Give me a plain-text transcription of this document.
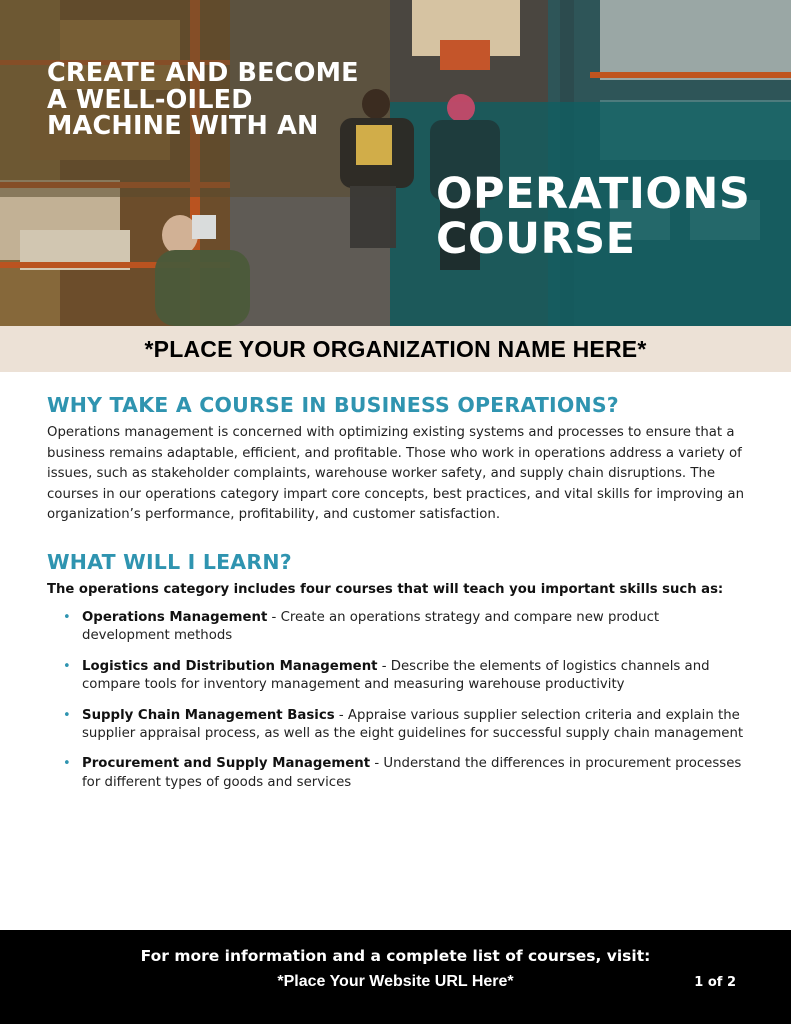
CREATE AND BECOME
A WELL-OILED
MACHINE WITH AN
OPERATIONS
COURSE
*PLACE YOUR ORGANIZATION NAME HERE*
WHY TAKE A COURSE IN BUSINESS OPERATIONS?

Operations management is concerned with optimizing existing systems and processes to ensure that a business remains adaptable, efficient, and profitable. Those who work in operations address a variety of issues, such as stakeholder complaints, warehouse worker safety, and supply chain disruptions. The courses in our operations category impart core concepts, best practices, and vital skills for improving an organization’s performance, profitability, and customer satisfaction.

WHAT WILL I LEARN?

The operations category includes four courses that will teach you important skills such as:

• Operations Management - Create an operations strategy and compare new product development methods
• Logistics and Distribution Management - Describe the elements of logistics channels and compare tools for inventory management and measuring warehouse productivity
• Supply Chain Management Basics - Appraise various supplier selection criteria and explain the supplier appraisal process, as well as the eight guidelines for successful supply chain management
• Procurement and Supply Management - Understand the differences in procurement processes for different types of goods and services
For more information and a complete list of courses, visit:
*Place Your Website URL Here*	1 of 2
